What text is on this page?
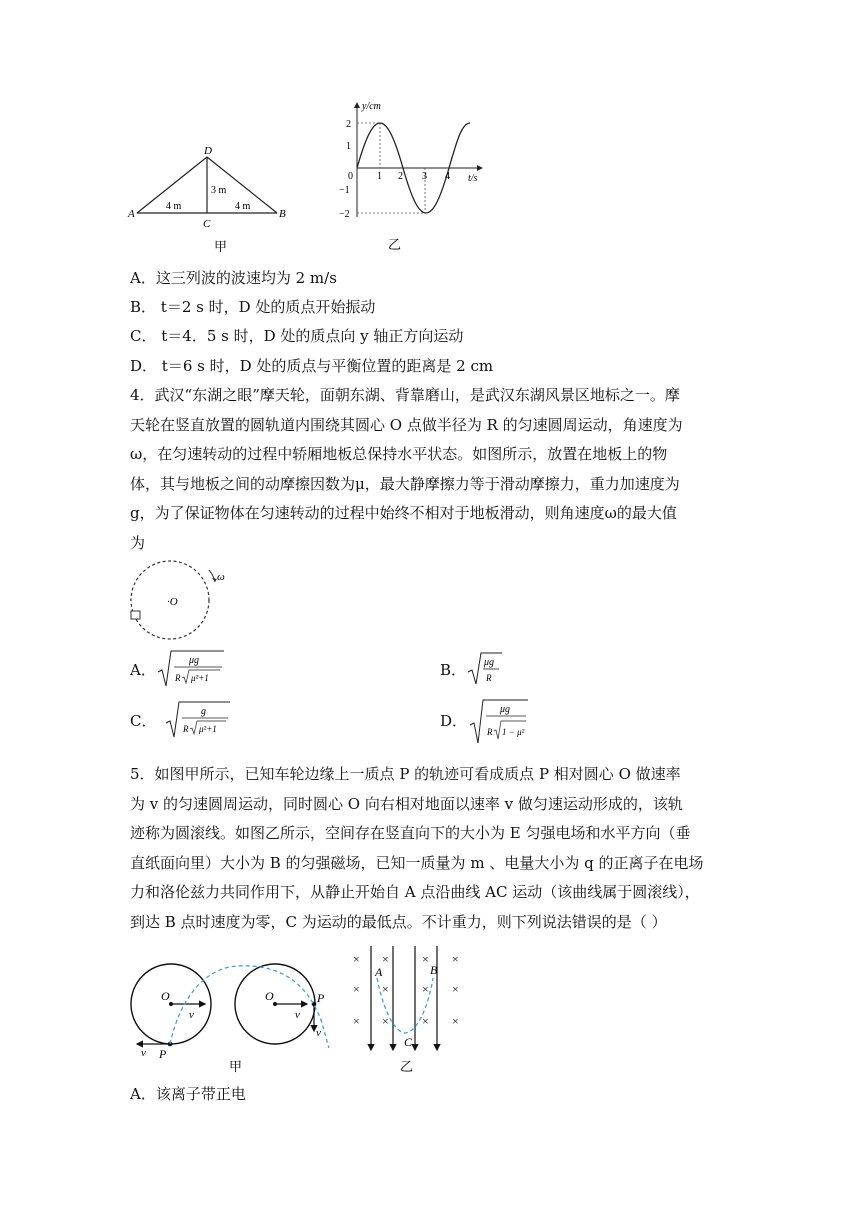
D
A
C
B
3 m
4 m	4 m
甲
y/cm
t/s
2
1
0
−1
−2
1 2 3 4
乙
A．这三列波的波速均为 2 m/s
B． t＝2 s 时，D 处的质点开始振动
C． t＝4．5 s 时，D 处的质点向 y 轴正方向运动
D． t＝6 s 时，D 处的质点与平衡位置的距离是 2 cm
4．武汉“东湖之眼”摩天轮，面朝东湖、背靠磨山，是武汉东湖风景区地标之一。摩
天轮在竖直放置的圆轨道内围绕其圆心 O 点做半径为 R 的匀速圆周运动，角速度为
ω，在匀速转动的过程中轿厢地板总保持水平状态。如图所示，放置在地板上的物
体，其与地板之间的动摩擦因数为μ，最大静摩擦力等于滑动摩擦力，重力加速度为
g，为了保证物体在匀速转动的过程中始终不相对于地板滑动，则角速度ω的最大值
为
·O
ω
A．
μg
R μ²+1	B． μg
R
C．
g
R μ²+1	D．
μg
R 1 − μ²
5．如图甲所示，已知车轮边缘上一质点 P 的轨迹可看成质点 P 相对圆心 O 做速率
为 v 的匀速圆周运动，同时圆心 O 向右相对地面以速率 v 做匀速运动形成的，该轨
迹称为圆滚线。如图乙所示，空间存在竖直向下的大小为 E 匀强电场和水平方向（垂
直纸面向里）大小为 B 的匀强磁场，已知一质量为 m 、电量大小为 q 的正离子在电场
力和洛伦兹力共同作用下，从静止开始自 A 点沿曲线 AC 运动（该曲线属于圆滚线），
到达 B 点时速度为零，C 为运动的最低点。不计重力，则下列说法错误的是（ ）
O
v
v P
O
v
v
P
甲	乙
×
×
×
×
×
×
×
×
×
×
×
×
A	B
C
A．该离子带正电
